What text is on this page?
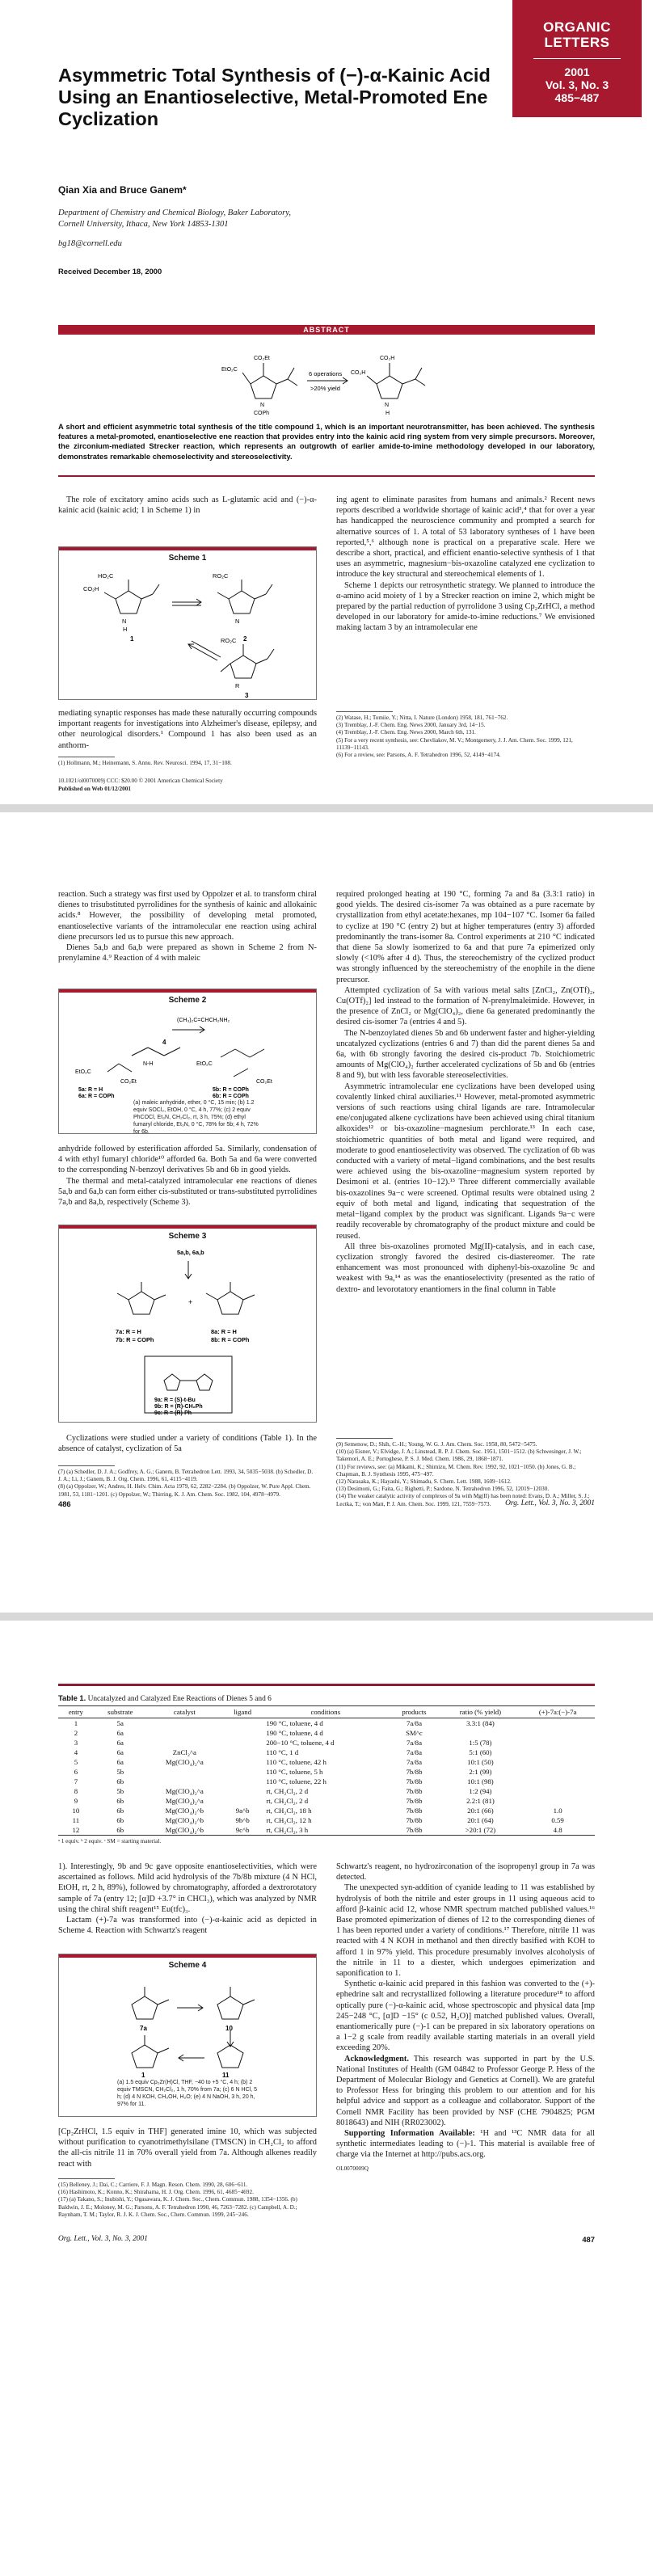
ORGANIC
LETTERS
2001
Vol. 3, No. 3
485−487
Asymmetric Total Synthesis of (−)-α-Kainic Acid Using an Enantioselective, Metal-Promoted Ene Cyclization
Qian Xia and Bruce Ganem*
Department of Chemistry and Chemical Biology, Baker Laboratory,
Cornell University, Ithaca, New York 14853-1301
bg18@cornell.edu
Received December 18, 2000
ABSTRACT
EtO₂C
CO₂Et
N
COPh
6 operations
>20% yield
CO₂H
N
H
CO₂H
A short and efficient asymmetric total synthesis of the title compound 1, which is an important neurotransmitter, has been achieved. The synthesis features a metal-promoted, enantioselective ene reaction that provides entry into the kainic acid ring system from very simple precursors. Moreover, the zirconium-mediated Strecker reaction, which represents an outgrowth of earlier amide-to-imine methodology developed in our laboratory, demonstrates remarkable chemoselectivity and stereoselectivity.
The role of excitatory amino acids such as L-glutamic acid and (−)-α-kainic acid (kainic acid; 1 in Scheme 1) in
Scheme 1
HO₂C
N
H
CO₂H
1
RO₂C
N
2
RO₂C
R
3
mediating synaptic responses has made these naturally occurring compounds important reagents for investigations into Alzheimer's disease, epilepsy, and other neurological disorders.¹ Compound 1 has also been used as an anthorm-
(1) Hollmann, M.; Heinemann, S. Annu. Rev. Neurosci. 1994, 17, 31−108.
10.1021/ol0070009j CCC: $20.00 © 2001 American Chemical Society
Published on Web 01/12/2001
ing agent to eliminate parasites from humans and animals.² Recent news reports described a worldwide shortage of kainic acid³,⁴ that for over a year has handicapped the neuroscience community and prompted a search for alternative sources of 1. A total of 53 laboratory syntheses of 1 have been reported,⁵,⁶ although none is practical on a preparative scale. Here we describe a short, practical, and efficient enantio-selective synthesis of 1 that uses an asymmetric, magnesium−bis-oxazoline catalyzed ene cyclization to introduce the key structural and stereochemical elements of 1.
Scheme 1 depicts our retrosynthetic strategy. We planned to introduce the α-amino acid moiety of 1 by a Strecker reaction on imine 2, which might be prepared by the partial reduction of pyrrolidone 3 using Cp₂ZrHCl, a method developed in our laboratory for amide-to-imine reductions.⁷ We envisioned making lactam 3 by an intramolecular ene
(2) Watase, H.; Tomiie, Y.; Nitta, I. Nature (London) 1958, 181, 761−762.
(3) Tremblay, J.-F. Chem. Eng. News 2000, January 3rd, 14−15.
(4) Tremblay, J.-F. Chem. Eng. News 2000, March 6th, 131.
(5) For a very recent synthesis, see: Chevliakov, M. V.; Montgomery, J. J. Am. Chem. Soc. 1999, 121, 11139−11143.
(6) For a review, see: Parsons, A. F. Tetrahedron 1996, 52, 4149−4174.
reaction. Such a strategy was first used by Oppolzer et al. to transform chiral dienes to trisubstituted pyrrolidines for the synthesis of kainic and allokainic acids.⁸ However, the possibility of developing metal promoted, enantioselective variants of the intramolecular ene reaction using achiral diene precursors led us to pursue this new approach.
Dienes 5a,b and 6a,b were prepared as shown in Scheme 2 from N-prenylamine 4.⁹ Reaction of 4 with maleic
Scheme 2
(CH₃)₂C=CHCH₂NH₂
4
N-H
EtO₂C
CO₂Et
EtO₂C
CO₂Et
5a: R = H
6a: R = COPh
5b: R = COPh
6b: R = COPh
(a) maleic anhydride, ether, 0 °C, 15 min; (b) 1.2 equiv SOCl₂, EtOH, 0 °C, 4 h, 77%; (c) 2 equiv PhCOCl, Et₃N, CH₂Cl₂, rt, 3 h, 75%; (d) ethyl fumaryl chloride, Et₃N, 0 °C, 78% for 5b; 4 h, 72% for 6b.
anhydride followed by esterification afforded 5a. Similarly, condensation of 4 with ethyl fumaryl chloride¹⁰ afforded 6a. Both 5a and 6a were converted to the corresponding N-benzoyl derivatives 5b and 6b in good yields.
The thermal and metal-catalyzed intramolecular ene reactions of dienes 5a,b and 6a,b can form either cis-substituted or trans-substituted pyrrolidines 7a,b and 8a,b, respectively (Scheme 3).
Scheme 3
5a,b, 6a,b
+
7a: R = H
7b: R = COPh
8a: R = H
8b: R = COPh
9a: R = (S)-t-Bu
9b: R = (R)-CH₂Ph
9c: R = (R)-Ph
Cyclizations were studied under a variety of conditions (Table 1). In the absence of catalyst, cyclization of 5a
(7) (a) Schedler, D. J. A.; Godfrey, A. G.; Ganem, B. Tetrahedron Lett. 1993, 34, 5035−5038. (b) Schedler, D. J. A.; Li, J.; Ganem, B. J. Org. Chem. 1996, 61, 4115−4119.
(8) (a) Oppolzer, W.; Andres, H. Helv. Chim. Acta 1979, 62, 2282−2284. (b) Oppolzer, W. Pure Appl. Chem. 1981, 53, 1181−1201. (c) Oppolzer, W.; Thirring, K. J. Am. Chem. Soc. 1982, 104, 4978−4979.
required prolonged heating at 190 °C, forming 7a and 8a (3.3:1 ratio) in good yields. The desired cis-isomer 7a was obtained as a pure racemate by crystallization from ethyl acetate:hexanes, mp 104−107 °C. Isomer 6a failed to cyclize at 190 °C (entry 2) but at higher temperatures (entry 3) afforded predominantly the trans-isomer 8a. Control experiments at 210 °C indicated that diene 5a slowly isomerized to 6a and that pure 7a epimerized only slowly (<10% after 4 d). Thus, the stereochemistry of the cyclized product was strongly influenced by the stereochemistry of the enophile in the diene precursor.
Attempted cyclization of 5a with various metal salts [ZnCl₂, Zn(OTf)₂, Cu(OTf)₂] led instead to the formation of N-prenylmaleimide. However, in the presence of ZnCl₂ or Mg(ClO₄)₂, diene 6a generated predominantly the desired cis-isomer 7a (entries 4 and 5).
The N-benzoylated dienes 5b and 6b underwent faster and higher-yielding uncatalyzed cyclizations (entries 6 and 7) than did the parent dienes 5a and 6a, with 6b strongly favoring the desired cis-product 7b. Stoichiometric amounts of Mg(ClO₄)₂ further accelerated cyclizations of 5b and 6b (entries 8 and 9), but with less favorable stereoselectivities.
Asymmetric intramolecular ene cyclizations have been developed using covalently linked chiral auxiliaries.¹¹ However, metal-promoted asymmetric versions of such reactions using chiral ligands are rare. Intramolecular ene/conjugated alkene cyclizations have been achieved using chiral titanium alkoxides¹² or bis-oxazoline−magnesium perchlorate.¹³ In each case, stoichiometric quantities of both metal and ligand were required, and moderate to good enantioselectivity was observed. The cyclization of 6b was conducted with a variety of metal−ligand combinations, and the best results were achieved using the bis-oxazoline−magnesium system reported by Desimoni et al. (entries 10−12).¹³ Three different commercially available bis-oxazolines 9a−c were screened. Optimal results were obtained using 2 equiv of both metal and ligand, indicating that sequestration of the metal−ligand complex by the product was significant. Ligands 9a−c were readily recoverable by chromatography of the product mixture and could be reused.
All three bis-oxazolines promoted Mg(II)-catalysis, and in each case, cyclization strongly favored the desired cis-diastereomer. The rate enhancement was most pronounced with diphenyl-bis-oxazoline 9c and weakest with 9a,¹⁴ as was the enantioselectivity (presented as the ratio of dextro- and levorotatory enantiomers in the final column in Table
(9) Semenow, D.; Shih, C.-H.; Young, W. G. J. Am. Chem. Soc. 1958, 80, 5472−5475.
(10) (a) Eisner, V.; Elvidge, J. A.; Linstead, R. P. J. Chem. Soc. 1951, 1501−1512. (b) Schwesinger, J. W.; Takemori, A. E.; Portoghese, P. S. J. Med. Chem. 1986, 29, 1868−1871.
(11) For reviews, see: (a) Mikami, K.; Shimizu, M. Chem. Rev. 1992, 92, 1021−1050. (b) Jones, G. B.; Chapman, B. J. Synthesis 1995, 475−497.
(12) Narasaka, K.; Hayashi, Y.; Shimadu, S. Chem. Lett. 1988, 1609−1612.
(13) Desimoni, G.; Faita, G.; Righetti, P.; Sardone, N. Tetrahedron 1996, 52, 12019−12030.
(14) The weaker catalytic activity of complexes of 9a with Mg(II) has been noted: Evans, D. A.; Miller, S. J.; Lectka, T.; von Matt, P. J. Am. Chem. Soc. 1999, 121, 7559−7573.
486	Org. Lett., Vol. 3, No. 3, 2001
Table 1. Uncatalyzed and Catalyzed Ene Reactions of Dienes 5 and 6
entry	substrate	catalyst	ligand	conditions	products	ratio (% yield)	(+)-7a:(−)-7a
1	5a			190 °C, toluene, 4 d	7a/8a	3.3:1 (84)	
2	6a			190 °C, toluene, 4 d	SM^c		
3	6a			200−10 °C, toluene, 4 d	7a/8a	1:5 (78)	
4	6a	ZnCl₂^a		110 °C, 1 d	7a/8a	5:1 (60)	
5	6a	Mg(ClO₄)₂^a		110 °C, toluene, 42 h	7a/8a	10:1 (50)	
6	5b			110 °C, toluene, 5 h	7b/8b	2:1 (99)	
7	6b			110 °C, toluene, 22 h	7b/8b	10:1 (98)	
8	5b	Mg(ClO₄)₂^a		rt, CH₂Cl₂, 2 d	7b/8b	1:2 (94)	
9	6b	Mg(ClO₄)₂^a		rt, CH₂Cl₂, 2 d	7b/8b	2.2:1 (81)	
10	6b	Mg(ClO₄)₂^b	9a^b	rt, CH₂Cl₂, 18 h	7b/8b	20:1 (66)	1.0
11	6b	Mg(ClO₄)₂^b	9b^b	rt, CH₂Cl₂, 12 h	7b/8b	20:1 (64)	0.59
12	6b	Mg(ClO₄)₂^b	9c^b	rt, CH₂Cl₂, 3 h	7b/8b	>20:1 (72)	4.8
ᵃ 1 equiv. ᵇ 2 equiv. ᶜ SM = starting material.
1). Interestingly, 9b and 9c gave opposite enantioselectivities, which were ascertained as follows. Mild acid hydrolysis of the 7b/8b mixture (4 N HCl, EtOH, rt, 2 h, 89%), followed by chromatography, afforded a dextrorotatory sample of 7a (entry 12; [α]D +3.7° in CHCl₃), which was analyzed by NMR using the chiral shift reagent¹⁵ Eu(tfc)₃.
Lactam (+)-7a was transformed into (−)-α-kainic acid as depicted in Scheme 4. Reaction with Schwartz's reagent
Scheme 4
7a	10
11
1
(a) 1.5 equiv Cp₂Zr(H)Cl, THF, −40 to +5 °C, 4 h; (b) 2 equiv TMSCN, CH₂Cl₂, 1 h, 70% from 7a; (c) 6 N HCl, 5 h; (d) 4 N KOH, CH₃OH, H₂O; (e) 4 N NaOH, 3 h, 20 h, 97% for 11.
[Cp₂ZrHCl, 1.5 equiv in THF] generated imine 10, which was subjected without purification to cyanotrimethylsilane (TMSCN) in CH₂Cl₂ to afford the all-cis nitrile 11 in 70% overall yield from 7a. Although alkenes readily react with
(15) Belleney, J.; Dai, C.; Carriere, F. J. Magn. Reson. Chem. 1990, 28, 606−611.
(16) Hashimoto, K.; Konno, K.; Shirahama, H. J. Org. Chem. 1996, 61, 4685−4692.
(17) (a) Takano, S.; Inubishi, Y.; Ogasawara, K. J. Chem. Soc., Chem. Commun. 1988, 1354−1356. (b) Baldwin, J. E.; Moloney, M. G.; Parsons, A. F. Tetrahedron 1990, 46, 7263−7282. (c) Campbell, A. D.; Raynham, T. M.; Taylor, R. J. K. J. Chem. Soc., Chem. Commun. 1999, 245−246.
Schwartz's reagent, no hydrozirconation of the isopropenyl group in 7a was detected.
The unexpected syn-addition of cyanide leading to 11 was established by hydrolysis of both the nitrile and ester groups in 11 using aqueous acid to afford β-kainic acid 12, whose NMR spectrum matched published values.¹⁶ Base promoted epimerization of dienes of 12 to the corresponding dienes of 1 has been reported under a variety of conditions.¹⁷ Therefore, nitrile 11 was reacted with 4 N KOH in methanol and then directly basified with KOH to afford 1 in 97% yield. This procedure presumably involves alcoholysis of the nitrile in 11 to a diester, which undergoes epimerization and saponification to 1.
Synthetic α-kainic acid prepared in this fashion was converted to the (+)-ephedrine salt and recrystallized following a literature procedure¹⁸ to afford optically pure (−)-α-kainic acid, whose spectroscopic and physical data [mp 245−248 °C, [α]D −15° (c 0.52, H₂O)] matched published values. Overall, enantiomerically pure (−)-1 can be prepared in six laboratory operations on a 1−2 g scale from readily available starting materials in an overall yield exceeding 20%.
Acknowledgment. This research was supported in part by the U.S. National Institutes of Health (GM 04842 to Professor George P. Hess of the Department of Molecular Biology and Genetics at Cornell). We are grateful to Professor Hess for bringing this problem to our attention and for his helpful advice and support as a colleague and collaborator. Support of the Cornell NMR Facility has been provided by NSF (CHE 7904825; PGM 8018643) and NIH (RR023002).
Supporting Information Available: ¹H and ¹³C NMR data for all synthetic intermediates leading to (−)-1. This material is available free of charge via the Internet at http://pubs.acs.org.
OL0070009Q
Org. Lett., Vol. 3, No. 3, 2001	487
